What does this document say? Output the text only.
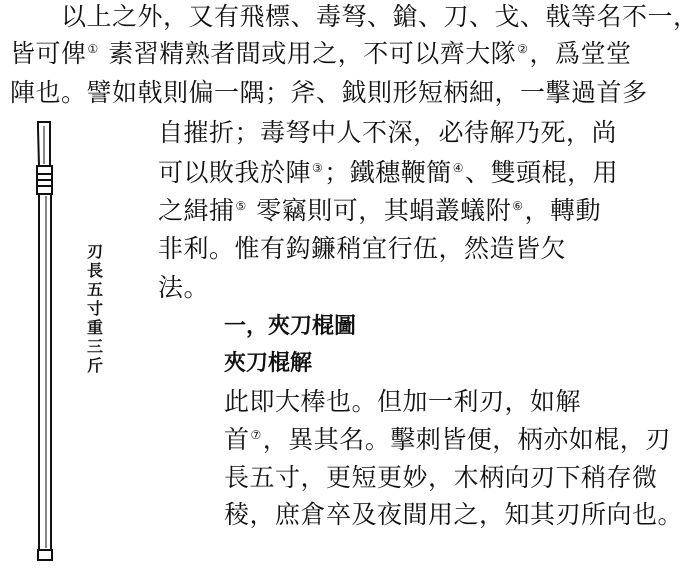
以上之外，又有飛標、毒弩、鎗、刀、戈、戟等名不一，
皆可俾① 素習精熟者間或用之，不可以齊大隊②，爲堂堂
陣也。譬如戟則偏一隅；斧、鉞則形短柄細，一擊過首多
自摧折；毒弩中人不深，必待解乃死，尚
可以敗我於陣③；鐵穗鞭簡④、雙頭棍，用
之緝捕⑤ 零竊則可，其蜎叢蟻附⑥，轉動
非利。惟有鈎鐮稍宜行伍，然造皆欠
法。
一，夾刀棍圖
夾刀棍解
此即大棒也。但加一利刃，如解
首⑦，異其名。擊刺皆便，柄亦如棍，刃
長五寸，更短更妙，木柄向刃下稍存微
稜，庶倉卒及夜間用之，知其刃所向也。
刃長五寸重三斤
